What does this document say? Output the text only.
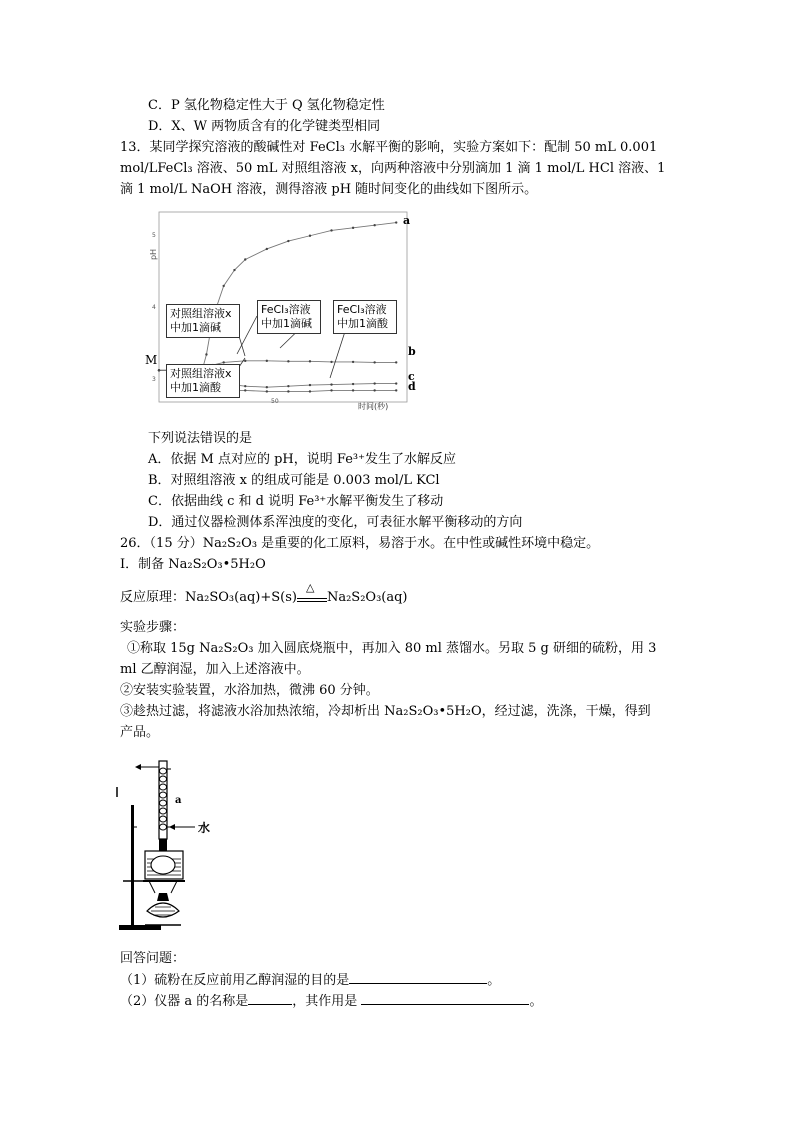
C．P 氢化物稳定性大于 Q 氢化物稳定性
D．X、W 两物质含有的化学键类型相同
13．某同学探究溶液的酸碱性对 FeCl₃ 水解平衡的影响，实验方案如下：配制 50 mL 0.001
mol/LFeCl₃ 溶液、50 mL 对照组溶液 x，向两种溶液中分别滴加 1 滴 1 mol/L HCl 溶液、1
滴 1 mol/L NaOH 溶液，测得溶液 pH 随时间变化的曲线如下图所示。
pH
5
4
3
M
50
时间(秒)
a
b
c
d
对照组溶液x
中加1滴碱
FeCl₃溶液
中加1滴碱
FeCl₃溶液
中加1滴酸
对照组溶液x
中加1滴酸
下列说法错误的是
A．依据 M 点对应的 pH，说明 Fe³⁺发生了水解反应
B．对照组溶液 x 的组成可能是 0.003 mol/L KCl
C．依据曲线 c 和 d 说明 Fe³⁺水解平衡发生了移动
D．通过仪器检测体系浑浊度的变化，可表征水解平衡移动的方向
26．（15 分）Na₂S₂O₃ 是重要的化工原料，易溶于水。在中性或碱性环境中稳定。
I．制备 Na₂S₂O₃•5H₂O
反应原理：Na₂SO₃(aq)+S(s)
△
Na₂S₂O₃(aq)
实验步骤：
①称取 15g Na₂S₂O₃ 加入圆底烧瓶中，再加入 80 ml 蒸馏水。另取 5 g 研细的硫粉，用 3
ml 乙醇润湿，加入上述溶液中。
②安装实验装置，水浴加热，微沸 60 分钟。
③趁热过滤，将滤液水浴加热浓缩，冷却析出 Na₂S₂O₃•5H₂O，经过滤，洗涤，干燥，得到
产品。
a
水
回答问题：
（1）硫粉在反应前用乙醇润湿的目的是	。
（2）仪器 a 的名称是	，其作用是	。
